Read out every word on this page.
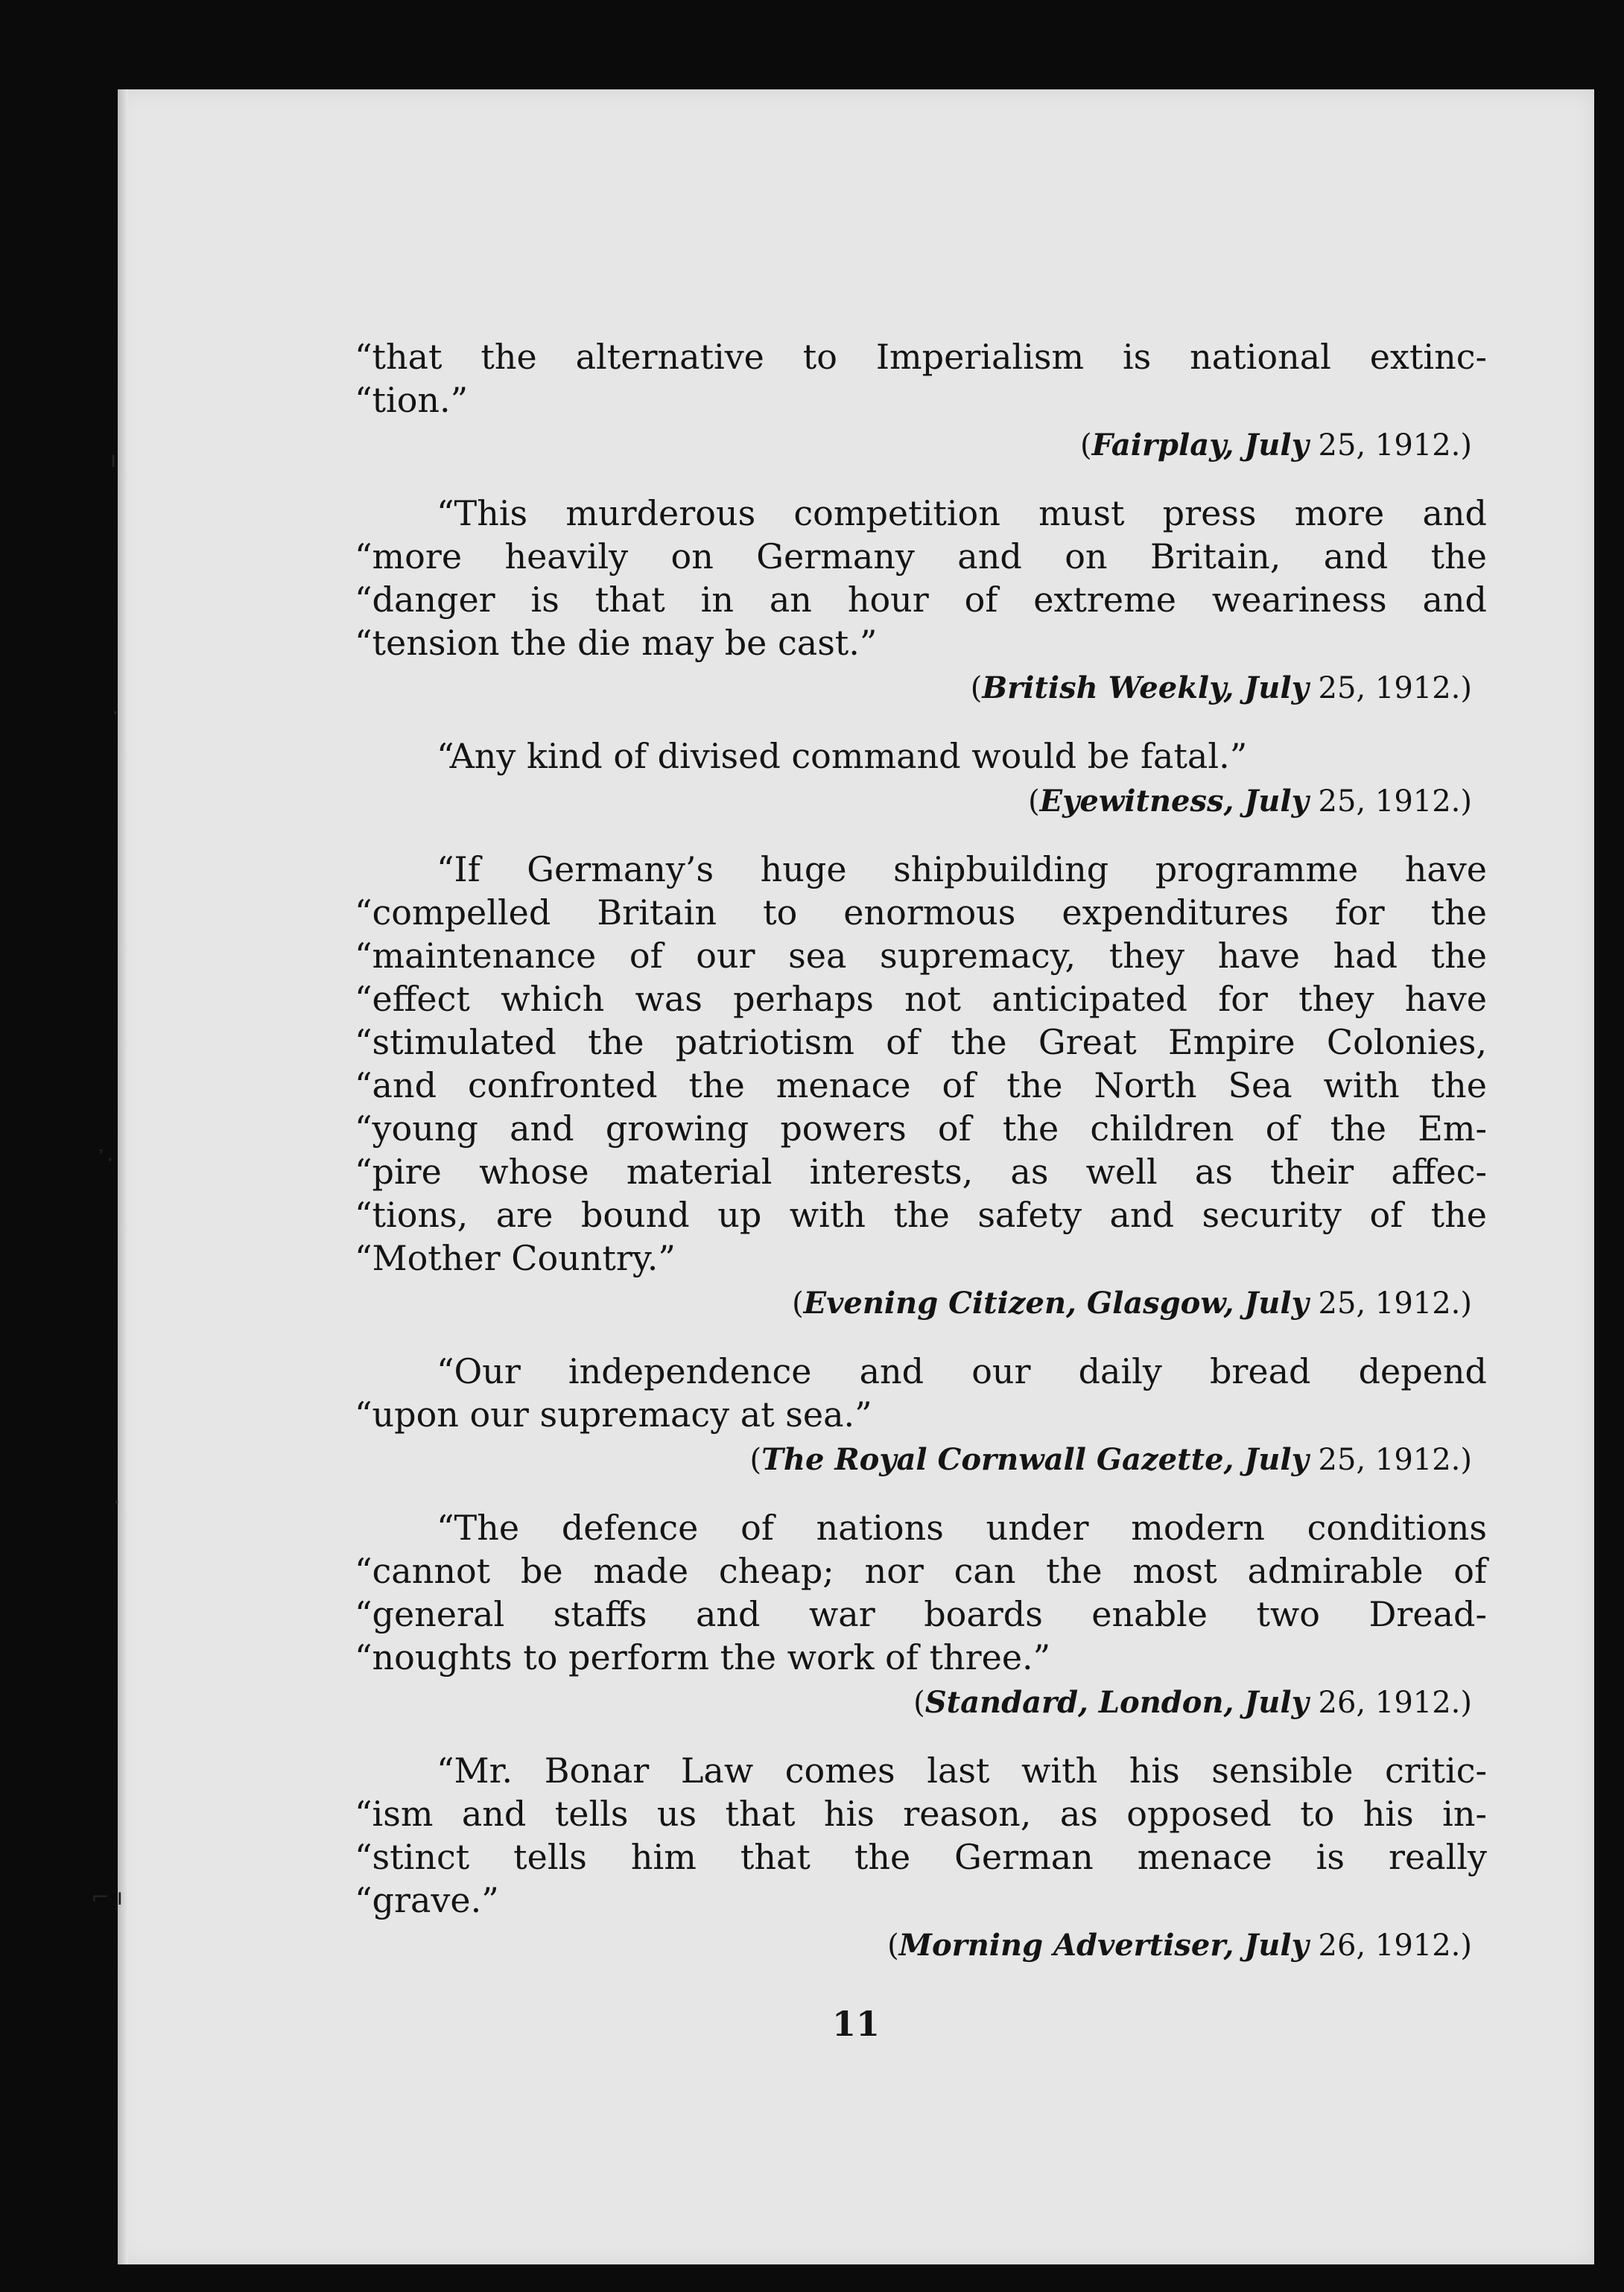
“that the alternative to Imperialism is national extinc-
“tion.”

(Fairplay, July 25, 1912.)

“This murderous competition must press more and
“more heavily on Germany and on Britain, and the
“danger is that in an hour of extreme weariness and
“tension the die may be cast.”

(British Weekly, July 25, 1912.)

“Any kind of divised command would be fatal.”

(Eyewitness, July 25, 1912.)

“If Germany’s huge shipbuilding programme have
“compelled Britain to enormous expenditures for the
“maintenance of our sea supremacy, they have had the
“effect which was perhaps not anticipated for they have
“stimulated the patriotism of the Great Empire Colonies,
“and confronted the menace of the North Sea with the
“young and growing powers of the children of the Em-
“pire whose material interests, as well as their affec-
“tions, are bound up with the safety and security of the
“Mother Country.”

(Evening Citizen, Glasgow, July 25, 1912.)

“Our independence and our daily bread depend
“upon our supremacy at sea.”

(The Royal Cornwall Gazette, July 25, 1912.)

“The defence of nations under modern conditions
“cannot be made cheap; nor can the most admirable of
“general staffs and war boards enable two Dread-
“noughts to perform the work of three.”

(Standard, London, July 26, 1912.)

“Mr. Bonar Law comes last with his sensible critic-
“ism and tells us that his reason, as opposed to his in-
“stinct tells him that the German menace is really
“grave.”

(Morning Advertiser, July 26, 1912.)
11
ı
·
᾽·
·
⌐ ı
